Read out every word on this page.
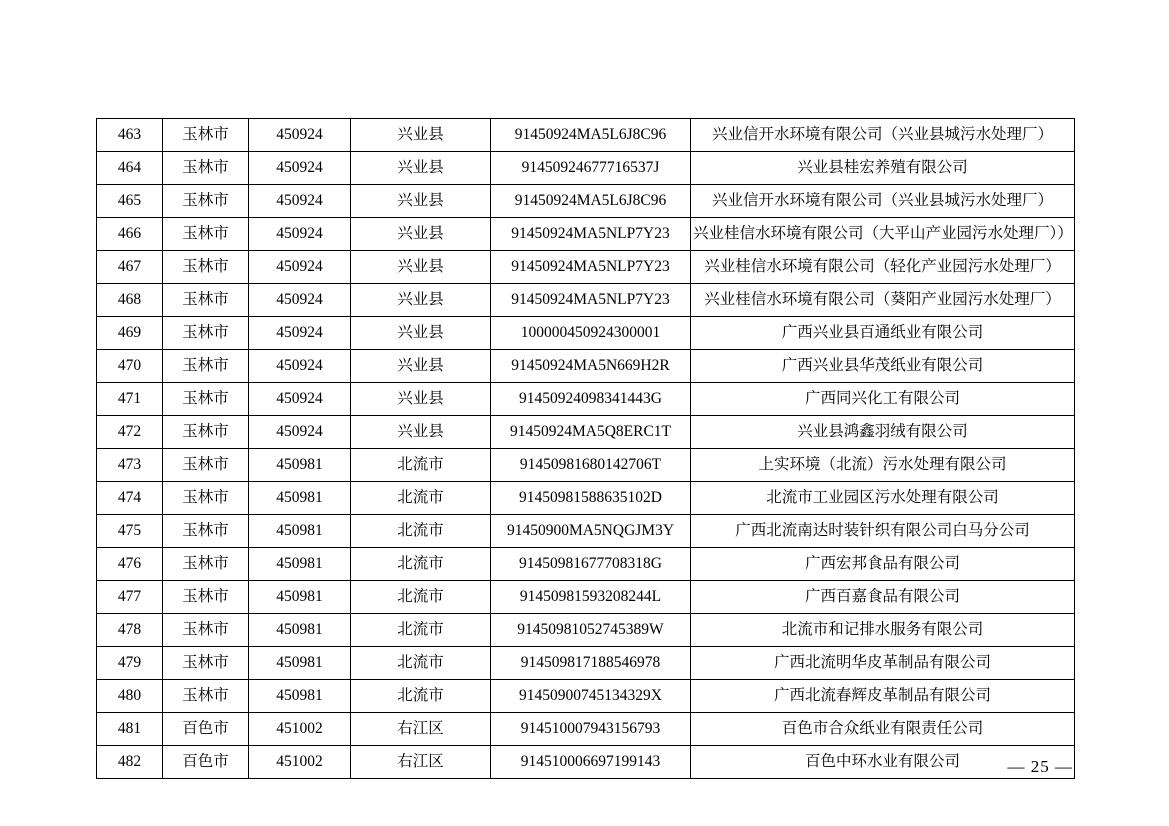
463	玉林市	450924	兴业县	91450924MA5L6J8C96	兴业信开水环境有限公司（兴业县城污水处理厂）
464	玉林市	450924	兴业县	91450924677716537J	兴业县桂宏养殖有限公司
465	玉林市	450924	兴业县	91450924MA5L6J8C96	兴业信开水环境有限公司（兴业县城污水处理厂）
466	玉林市	450924	兴业县	91450924MA5NLP7Y23	兴业桂信水环境有限公司（大平山产业园污水处理厂））
467	玉林市	450924	兴业县	91450924MA5NLP7Y23	兴业桂信水环境有限公司（轻化产业园污水处理厂）
468	玉林市	450924	兴业县	91450924MA5NLP7Y23	兴业桂信水环境有限公司（葵阳产业园污水处理厂）
469	玉林市	450924	兴业县	100000450924300001	广西兴业县百通纸业有限公司
470	玉林市	450924	兴业县	91450924MA5N669H2R	广西兴业县华茂纸业有限公司
471	玉林市	450924	兴业县	91450924098341443G	广西同兴化工有限公司
472	玉林市	450924	兴业县	91450924MA5Q8ERC1T	兴业县鸿鑫羽绒有限公司
473	玉林市	450981	北流市	91450981680142706T	上实环境（北流）污水处理有限公司
474	玉林市	450981	北流市	91450981588635102D	北流市工业园区污水处理有限公司
475	玉林市	450981	北流市	91450900MA5NQGJM3Y	广西北流南达时装针织有限公司白马分公司
476	玉林市	450981	北流市	91450981677708318G	广西宏邦食品有限公司
477	玉林市	450981	北流市	91450981593208244L	广西百嘉食品有限公司
478	玉林市	450981	北流市	91450981052745389W	北流市和记排水服务有限公司
479	玉林市	450981	北流市	914509817188546978	广西北流明华皮革制品有限公司
480	玉林市	450981	北流市	91450900745134329X	广西北流春辉皮革制品有限公司
481	百色市	451002	右江区	914510007943156793	百色市合众纸业有限责任公司
482	百色市	451002	右江区	914510006697199143	百色中环水业有限公司	— 25 —
